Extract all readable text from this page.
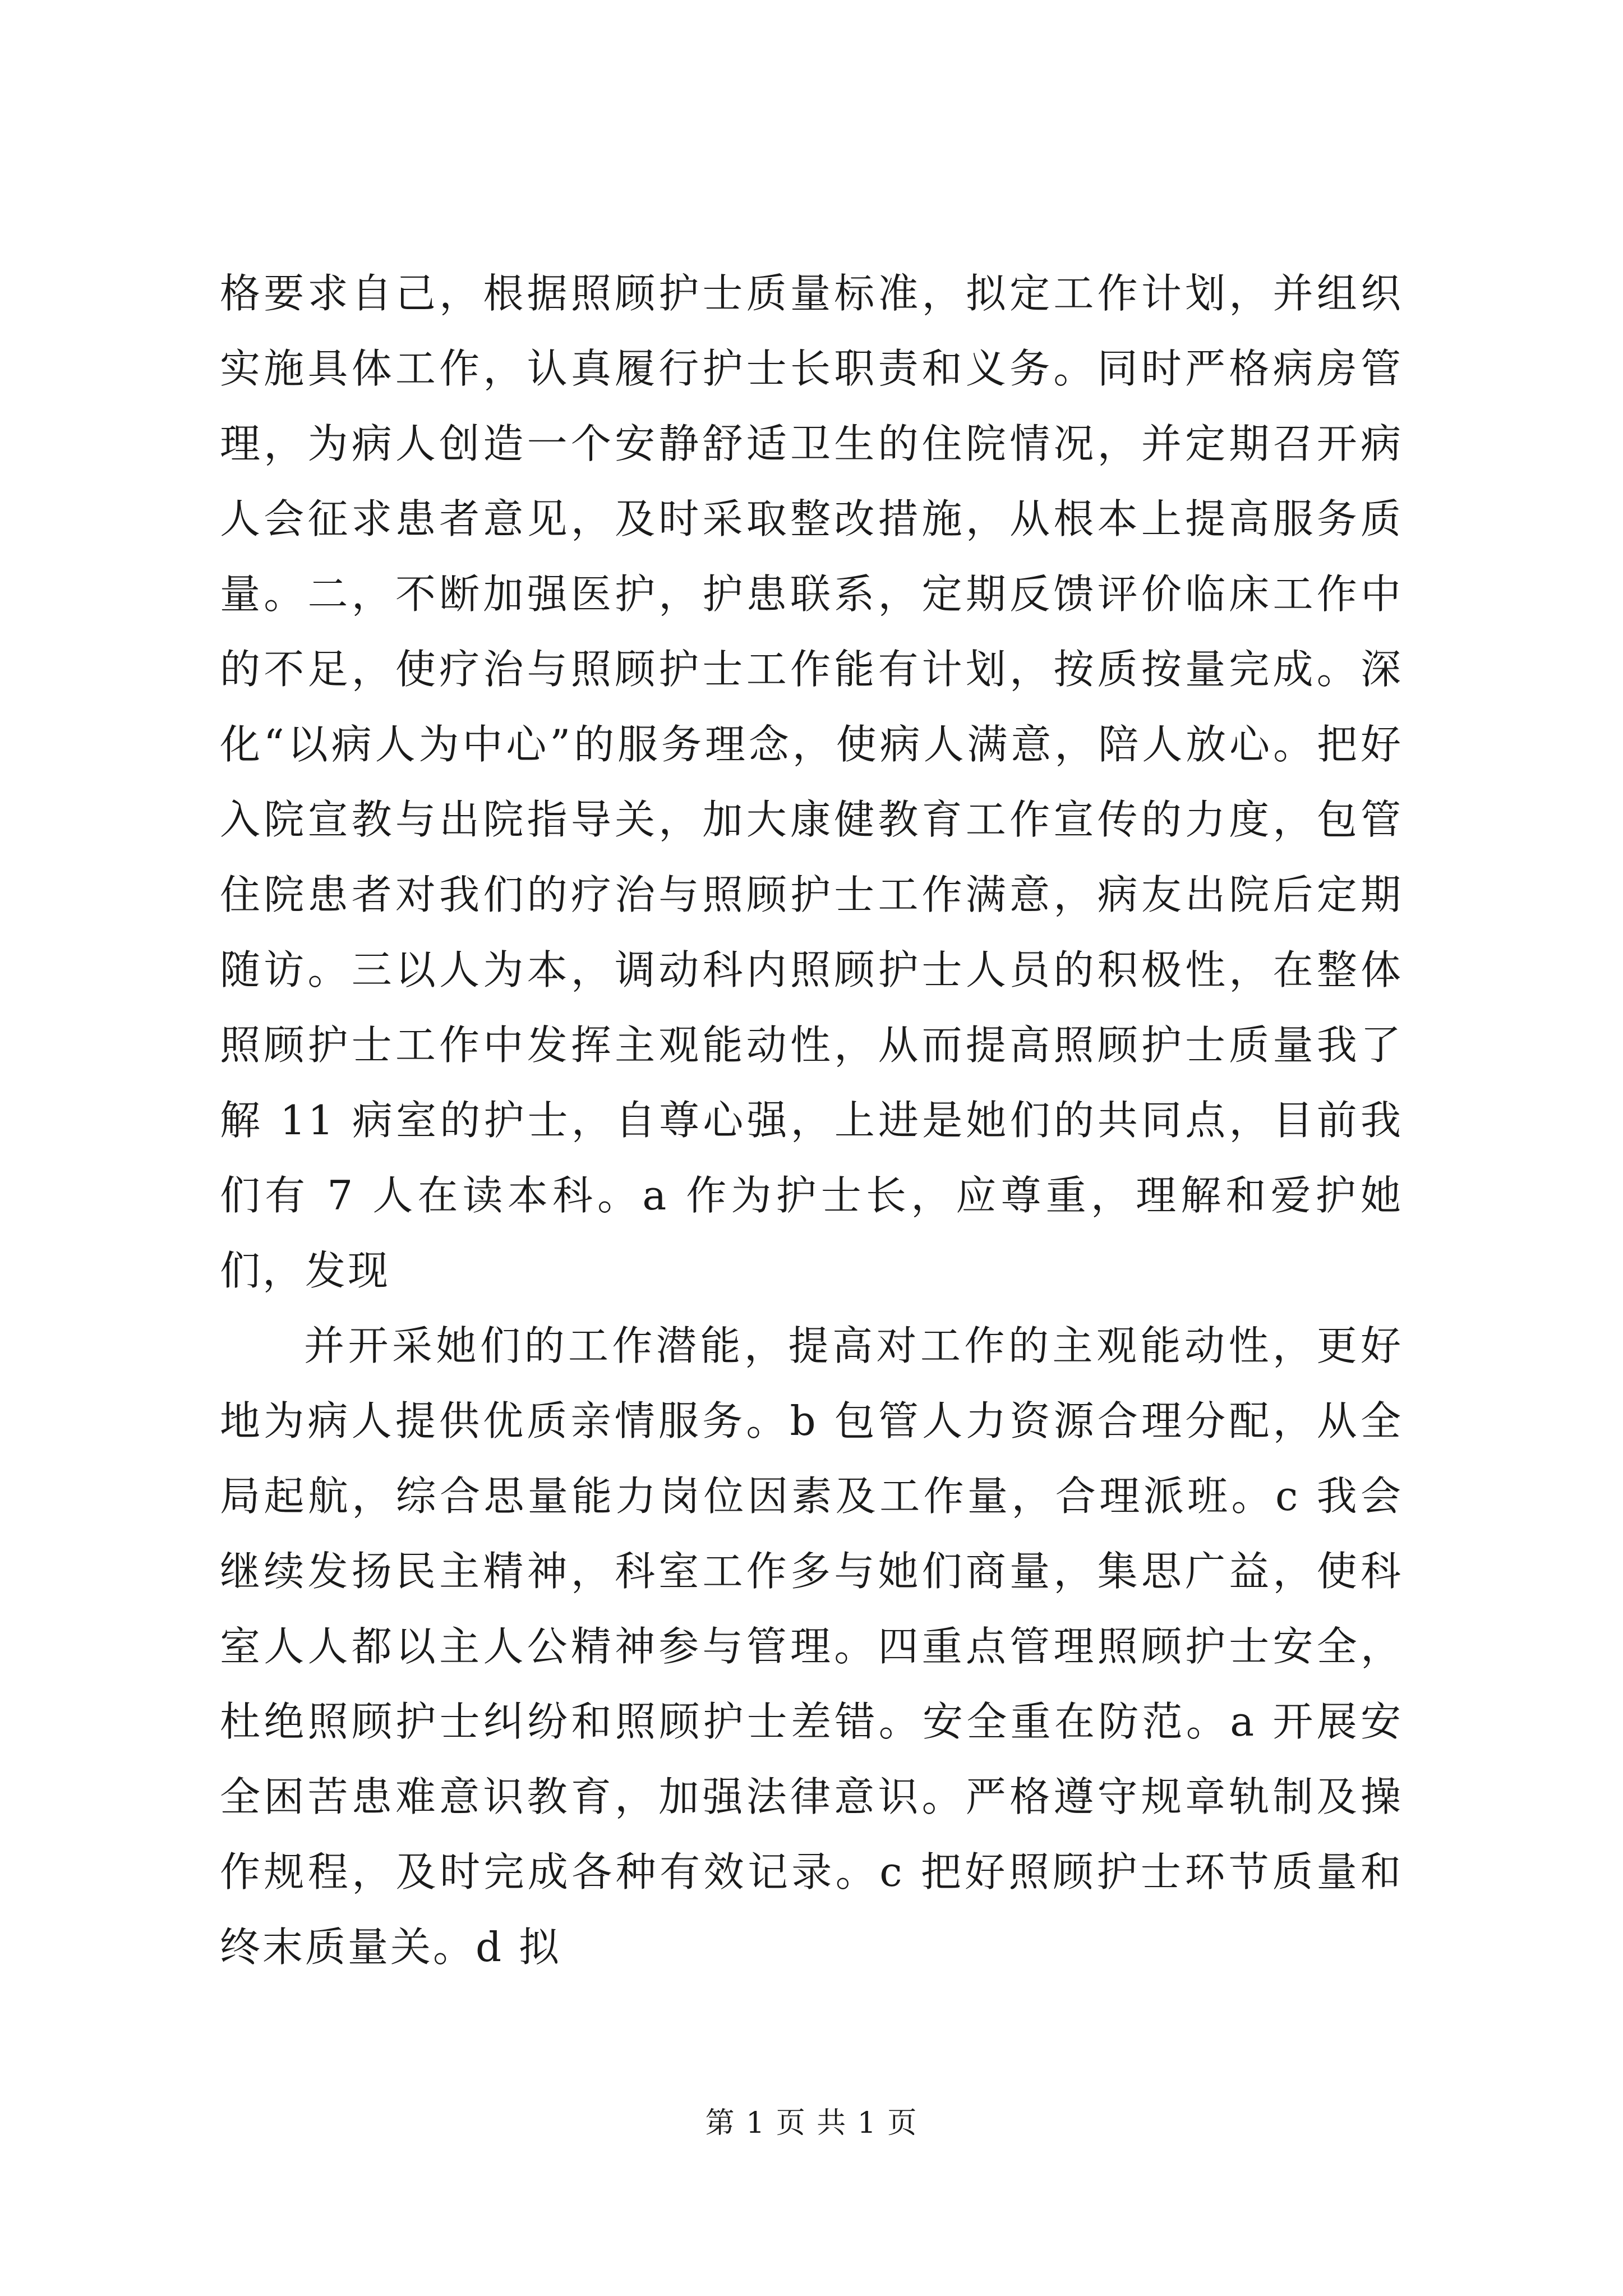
格要求自己，根据照顾护士质量标准，拟定工作计划，并组织实施具体工作，认真履行护士长职责和义务。同时严格病房管理，为病人创造一个安静舒适卫生的住院情况，并定期召开病人会征求患者意见，及时采取整改措施，从根本上提高服务质量。二，不断加强医护，护患联系，定期反馈评价临床工作中的不足，使疗治与照顾护士工作能有计划，按质按量完成。深化“以病人为中心”的服务理念，使病人满意，陪人放心。把好入院宣教与出院指导关，加大康健教育工作宣传的力度，包管住院患者对我们的疗治与照顾护士工作满意，病友出院后定期随访。三以人为本，调动科内照顾护士人员的积极性，在整体照顾护士工作中发挥主观能动性，从而提高照顾护士质量我了解 11 病室的护士，自尊心强，上进是她们的共同点，目前我们有 7 人在读本科。a 作为护士长，应尊重，理解和爱护她们，发现

并开采她们的工作潜能，提高对工作的主观能动性，更好地为病人提供优质亲情服务。b 包管人力资源合理分配，从全局起航，综合思量能力岗位因素及工作量，合理派班。c 我会继续发扬民主精神，科室工作多与她们商量，集思广益，使科室人人都以主人公精神参与管理。四重点管理照顾护士安全，杜绝照顾护士纠纷和照顾护士差错。安全重在防范。a 开展安全困苦患难意识教育，加强法律意识。严格遵守规章轨制及操作规程，及时完成各种有效记录。c 把好照顾护士环节质量和终末质量关。d 拟

第 1 页 共 1 页
